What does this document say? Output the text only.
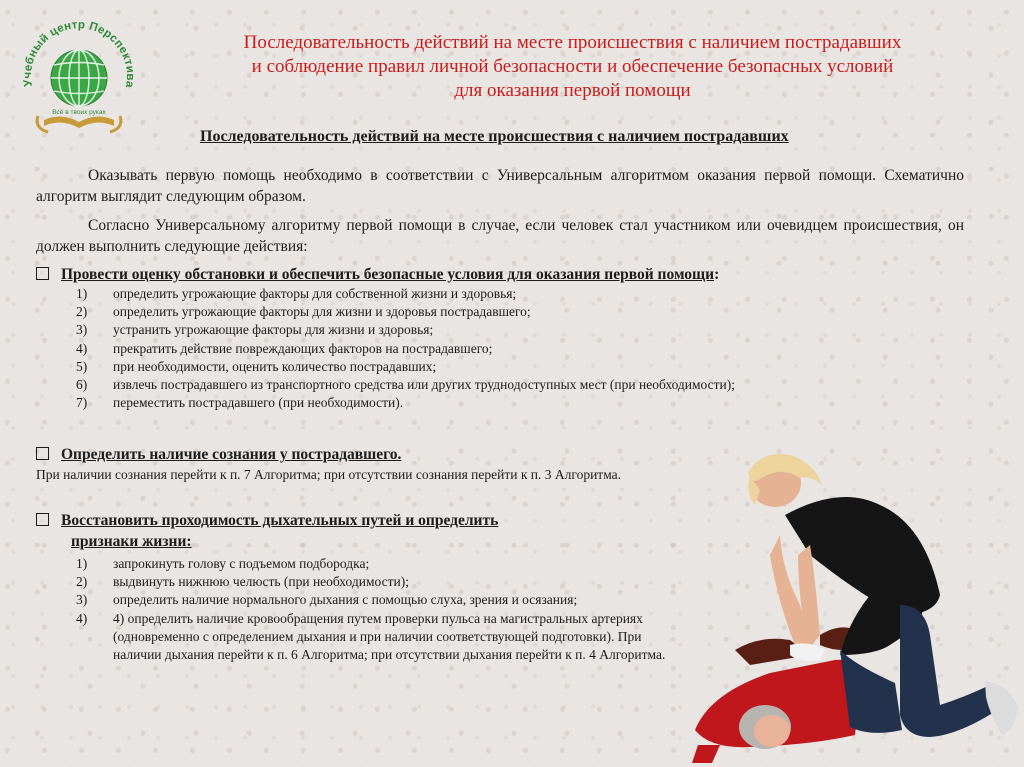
Учебный центр Перспектива
Всё в твоих руках
Последовательность действий на месте происшествия с наличием пострадавших
и соблюдение правил личной безопасности и обеспечение безопасных условий
для оказания первой помощи
Последовательность действий на месте происшествия с наличием пострадавших
Оказывать первую помощь необходимо в соответствии с Универсальным алгоритмом оказания первой помощи. Схематично алгоритм выглядит следующим образом.
Согласно Универсальному алгоритму первой помощи в случае, если человек стал участником или очевидцем происшествия, он должен выполнить следующие действия:
Провести оценку обстановки и обеспечить безопасные условия для оказания первой помощи:
1) определить угрожающие факторы для собственной жизни и здоровья;
2) определить угрожающие факторы для жизни и здоровья пострадавшего;
3) устранить угрожающие факторы для жизни и здоровья;
4) прекратить действие повреждающих факторов на пострадавшего;
5) при необходимости, оценить количество пострадавших;
6) извлечь пострадавшего из транспортного средства или других труднодоступных мест (при необходимости);
7) переместить пострадавшего (при необходимости).
Определить наличие сознания у пострадавшего.
При наличии сознания перейти к п. 7 Алгоритма; при отсутствии сознания перейти к п. 3 Алгоритма.
Восстановить проходимость дыхательных путей и определить
признаки жизни:
1) запрокинуть голову с подъемом подбородка;
2) выдвинуть нижнюю челюсть (при необходимости);
3) определить наличие нормального дыхания с помощью слуха, зрения и осязания;
4) 4) определить наличие кровообращения путем проверки пульса на магистральных артериях (одновременно с определением дыхания и при наличии соответствующей подготовки). При наличии дыхания перейти к п. 6 Алгоритма; при отсутствии дыхания перейти к п. 4 Алгоритма.
